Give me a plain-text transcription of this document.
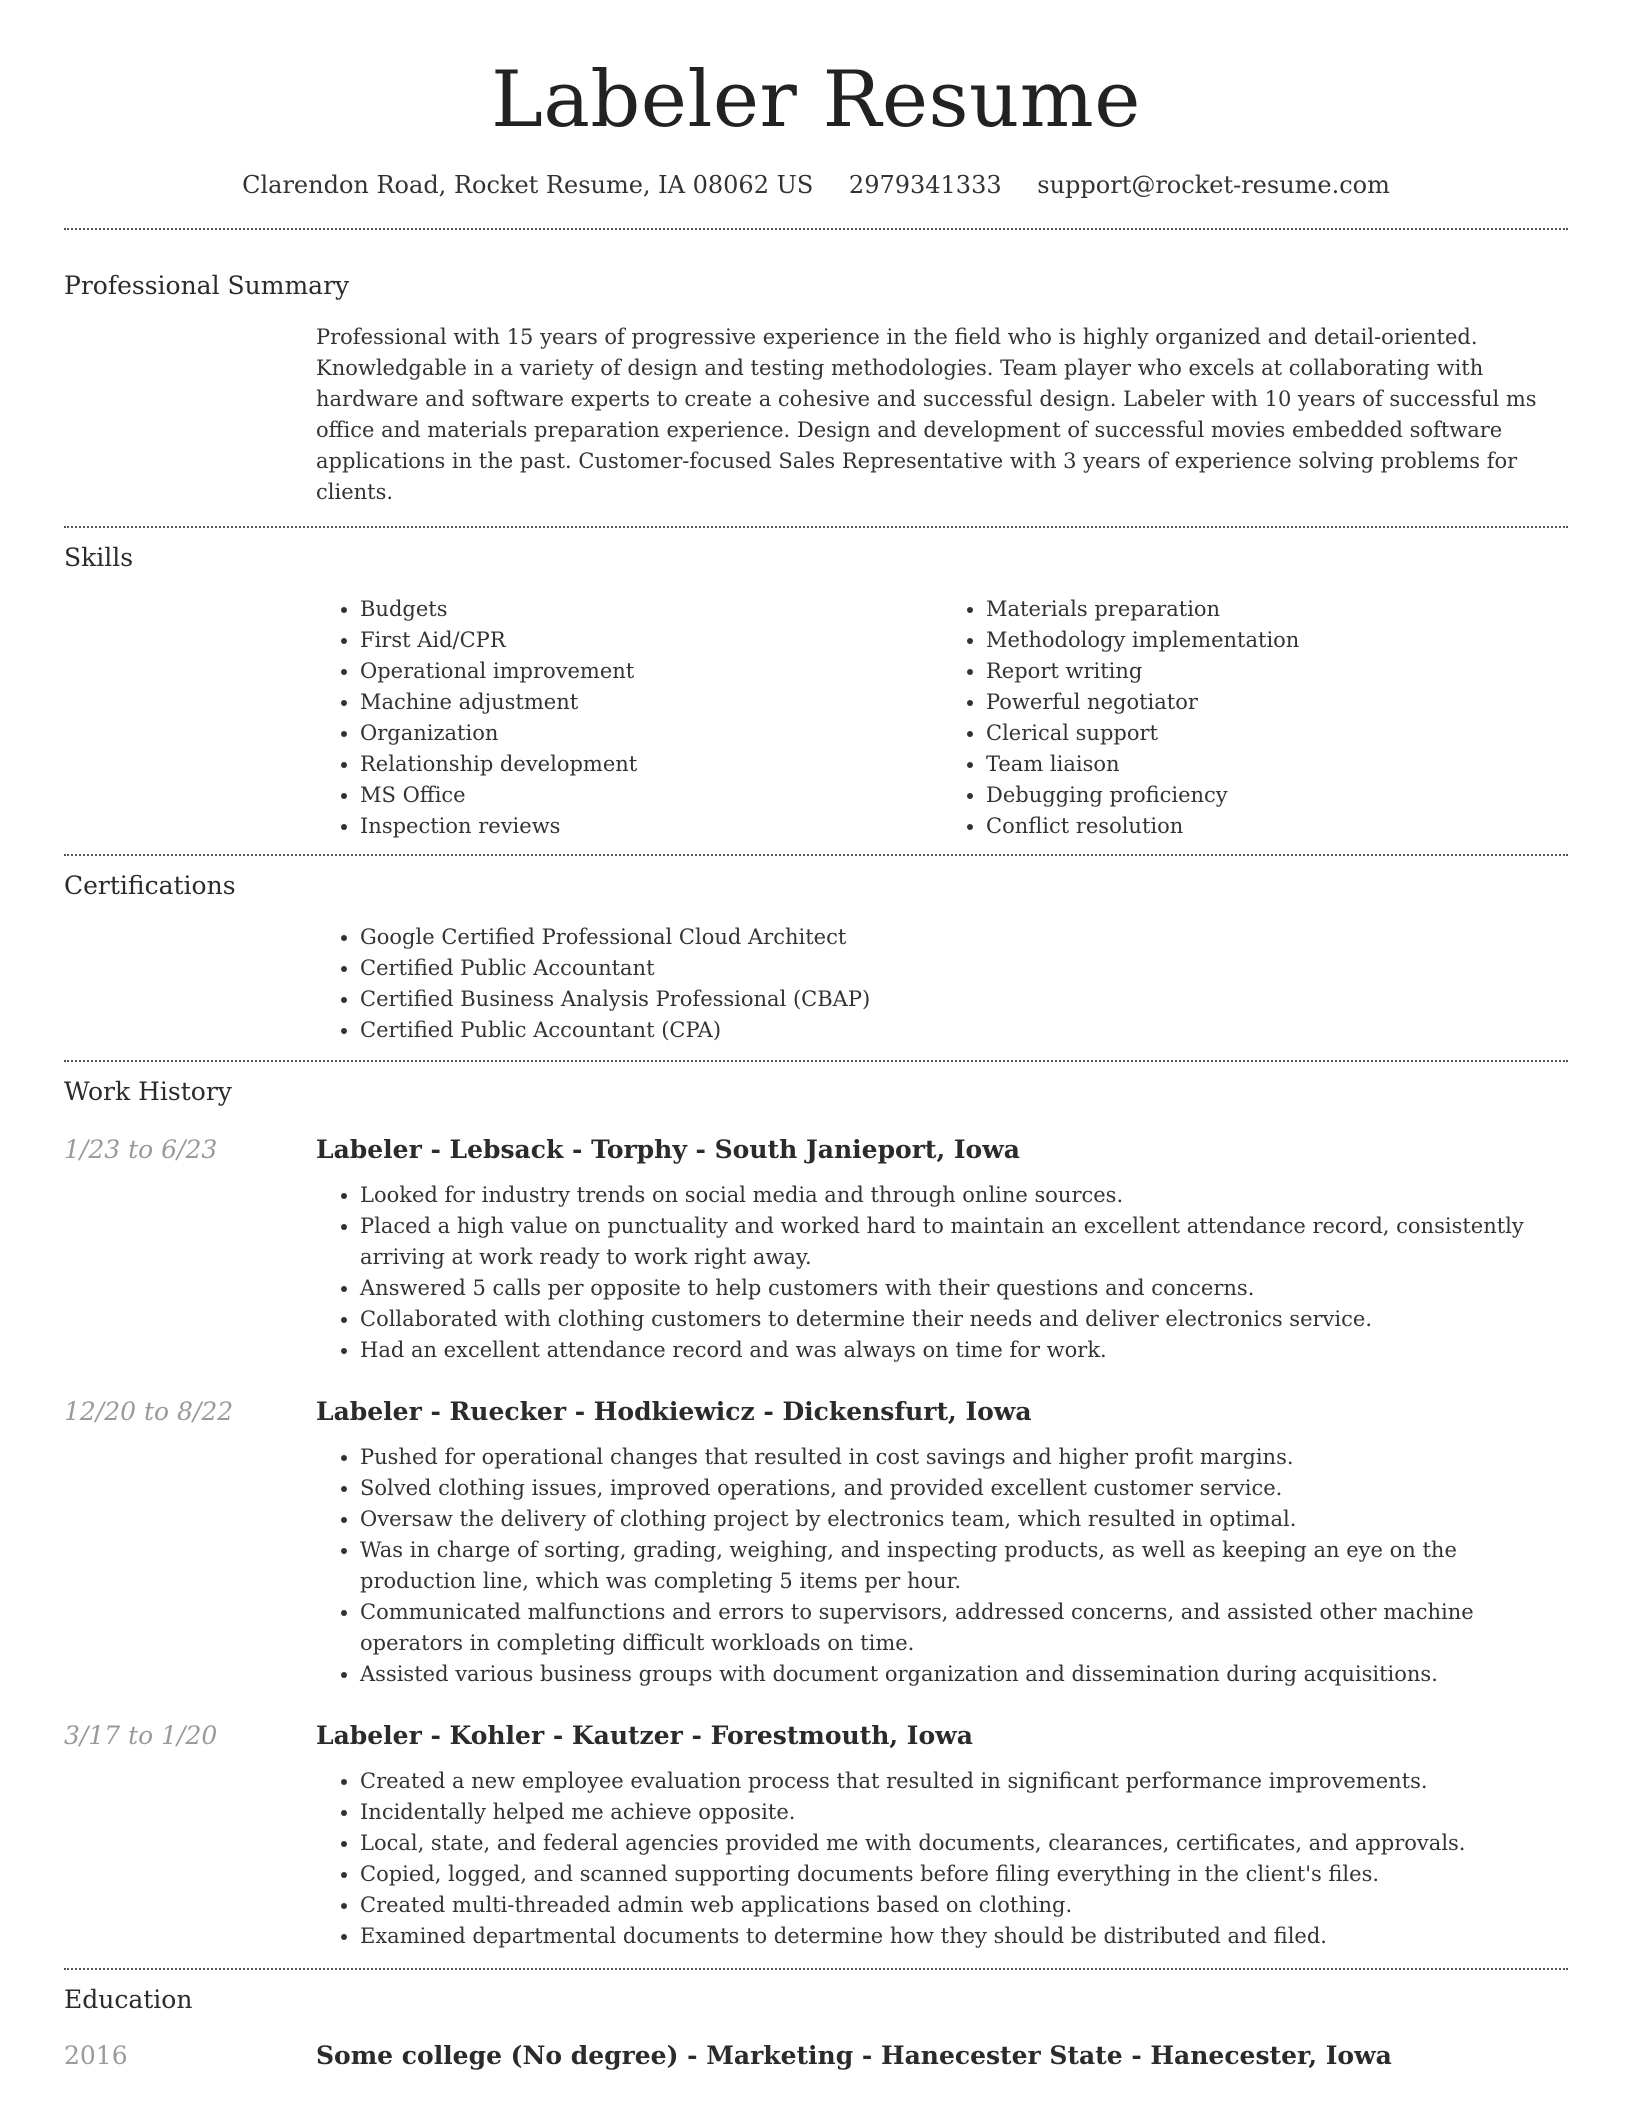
Labeler Resume
Clarendon Road, Rocket Resume, IA 08062 US 2979341333 support@rocket-resume.com
Professional Summary

Professional with 15 years of progressive experience in the field who is highly organized and detail-oriented. Knowledgable in a variety of design and testing methodologies. Team player who excels at collaborating with hardware and software experts to create a cohesive and successful design. Labeler with 10 years of successful ms office and materials preparation experience. Design and development of successful movies embedded software applications in the past. Customer-focused Sales Representative with 3 years of experience solving problems for clients.

Skills
• Budgets
• First Aid/CPR
• Operational improvement
• Machine adjustment
• Organization
• Relationship development
• MS Office
• Inspection reviews
• Materials preparation
• Methodology implementation
• Report writing
• Powerful negotiator
• Clerical support
• Team liaison
• Debugging proficiency
• Conflict resolution
Certifications
• Google Certified Professional Cloud Architect
• Certified Public Accountant
• Certified Business Analysis Professional (CBAP)
• Certified Public Accountant (CPA)
Work History
1/23 to 6/23	Labeler - Lebsack - Torphy - South Janieport, Iowa
• Looked for industry trends on social media and through online sources.
• Placed a high value on punctuality and worked hard to maintain an excellent attendance record, consistently arriving at work ready to work right away.
• Answered 5 calls per opposite to help customers with their questions and concerns.
• Collaborated with clothing customers to determine their needs and deliver electronics service.
• Had an excellent attendance record and was always on time for work.
12/20 to 8/22	Labeler - Ruecker - Hodkiewicz - Dickensfurt, Iowa
• Pushed for operational changes that resulted in cost savings and higher profit margins.
• Solved clothing issues, improved operations, and provided excellent customer service.
• Oversaw the delivery of clothing project by electronics team, which resulted in optimal.
• Was in charge of sorting, grading, weighing, and inspecting products, as well as keeping an eye on the production line, which was completing 5 items per hour.
• Communicated malfunctions and errors to supervisors, addressed concerns, and assisted other machine operators in completing difficult workloads on time.
• Assisted various business groups with document organization and dissemination during acquisitions.
3/17 to 1/20	Labeler - Kohler - Kautzer - Forestmouth, Iowa
• Created a new employee evaluation process that resulted in significant performance improvements.
• Incidentally helped me achieve opposite.
• Local, state, and federal agencies provided me with documents, clearances, certificates, and approvals.
• Copied, logged, and scanned supporting documents before filing everything in the client's files.
• Created multi-threaded admin web applications based on clothing.
• Examined departmental documents to determine how they should be distributed and filed.
Education
2016	Some college (No degree) - Marketing - Hanecester State - Hanecester, Iowa
